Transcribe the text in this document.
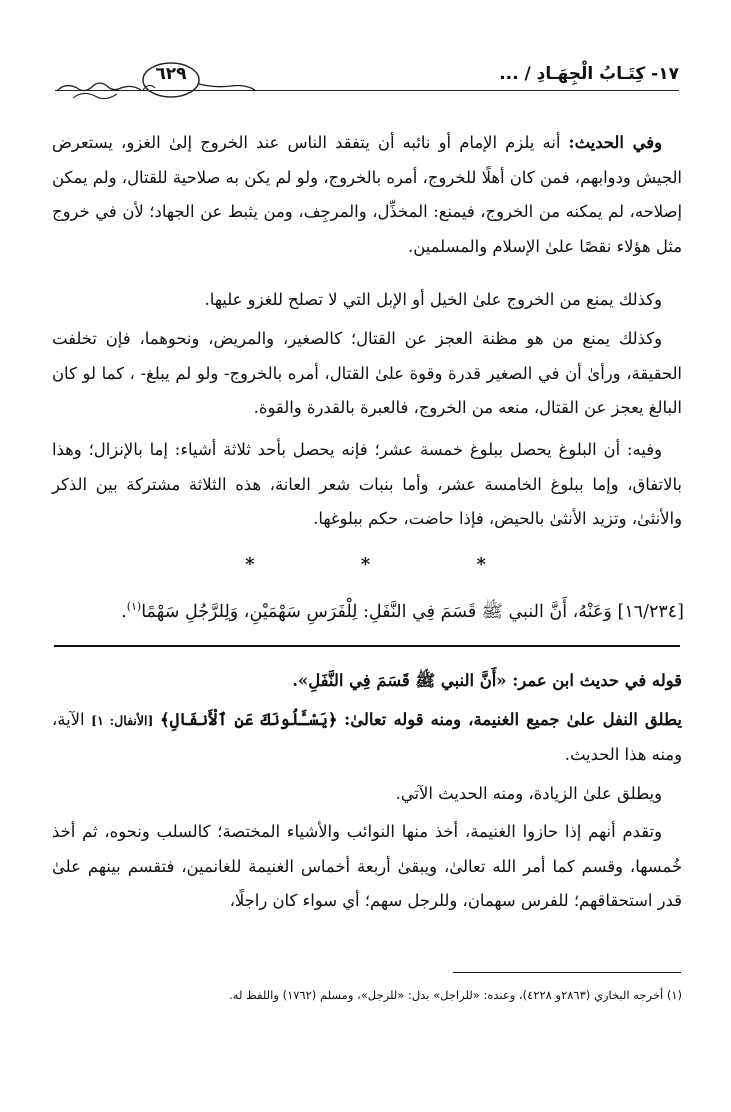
٦٢٩	١٧- كِتَـابُ الْجِهَـادِ / ...

وفي الحديث: أنه يلزم الإمام أو نائبه أن يتفقد الناس عند الخروج إلىٰ الغزو، يستعرض الجيش ودوابهم، فمن كان أهلًا للخروج، أمره بالخروج، ولو لم يكن به صلاحية للقتال، ولم يمكن إصلاحه، لم يمكنه من الخروج، فيمنع: المخذِّل، والمرجِف، ومن يثبط عن الجهاد؛ لأن في خروج مثل هؤلاء نقصًا علىٰ الإسلام والمسلمين.

وكذلك يمنع من الخروج علىٰ الخيل أو الإبل التي لا تصلح للغزو عليها.

وكذلك يمنع من هو مظنة العجز عن القتال؛ كالصغير، والمريض، ونحوهما، فإن تخلفت الحقيقة، ورأىٰ أن في الصغير قدرة وقوة علىٰ القتال، أمره بالخروج- ولو لم يبلغ- ، كما لو كان البالغ يعجز عن القتال، منعه من الخروج، فالعبرة بالقدرة والقوة.

وفيه: أن البلوغ يحصل ببلوغ خمسة عشر؛ فإنه يحصل بأحد ثلاثة أشياء: إما بالإنزال؛ وهذا بالاتفاق، وإما ببلوغ الخامسة عشر، وأما بنبات شعر العانة، هذه الثلاثة مشتركة بين الذكر والأنثىٰ، وتزيد الأنثىٰ بالحيض، فإذا حاضت، حكم ببلوغها.

* * *
[١٦/٢٣٤] وَعَنْهُ، أَنَّ النبي ﷺ قَسَمَ فِي النَّفَلِ: لِلْفَرَسِ سَهْمَيْنِ، وَلِلرَّجُلِ سَهْمًا$^{(١)}$.

قوله في حديث ابن عمر: «أَنَّ النبي ﷺ قَسَمَ فِي النَّفَلِ».

يطلق النفل علىٰ جميع الغنيمة، ومنه قوله تعالىٰ: ﴿يَسْـَٔلُونَكَ عَنِ ٱلْأَنفَالِ﴾ [الأنفال: ١] الآية، ومنه هذا الحديث.

ويطلق علىٰ الزيادة، ومنه الحديث الآتي.

وتقدم أنهم إذا حازوا الغنيمة، أخذ منها النوائب والأشياء المختصة؛ كالسلب ونحوه، ثم أخذ خُمسها، وقسم كما أمر الله تعالىٰ، ويبقىٰ أربعة أخماس الغنيمة للغانمين، فتقسم بينهم علىٰ قدر استحقاقهم؛ للفرس سهمان، وللرجل سهم؛ أي سواء كان راجلًا،

(١) أخرجه البخاري (٢٨٦٣و ٤٢٢٨)، وعنده: «للراجل» بدل: «للرجل»، ومسلم (١٧٦٢) واللفظ له.
